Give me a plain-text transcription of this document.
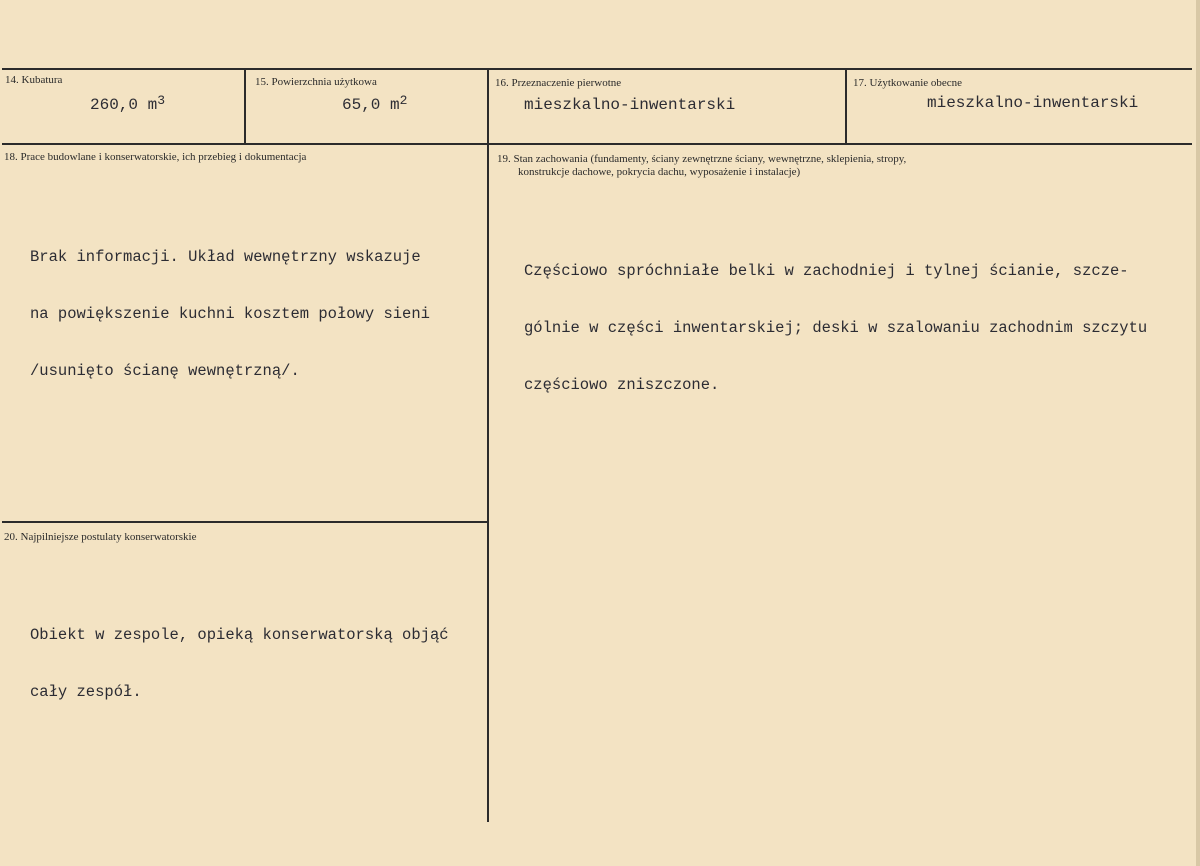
14. Kubatura
260,0 $m^3$
15. Powierzchnia użytkowa
65,0 $m^2$
16. Przeznaczenie pierwotne
mieszkalno-inwentarski
17. Użytkowanie obecne
mieszkalno-inwentarski
18. Prace budowlane i konserwatorskie, ich przebieg i dokumentacja

Brak informacji. Układ wewnętrzny wskazuje

na powiększenie kuchni kosztem połowy sieni

/usunięto ścianę wewnętrzną/.

19. Stan zachowania (fundamenty, ściany zewnętrzne ściany, wewnętrzne, sklepienia, stropy,
konstrukcje dachowe, pokrycia dachu, wyposażenie i instalacje)

Częściowo spróchniałe belki w zachodniej i tylnej ścianie, szcze-

gólnie w części inwentarskiej; deski w szalowaniu zachodnim szczytu

częściowo zniszczone.

20. Najpilniejsze postulaty konserwatorskie

Obiekt w zespole, opieką konserwatorską objąć

cały zespół.
